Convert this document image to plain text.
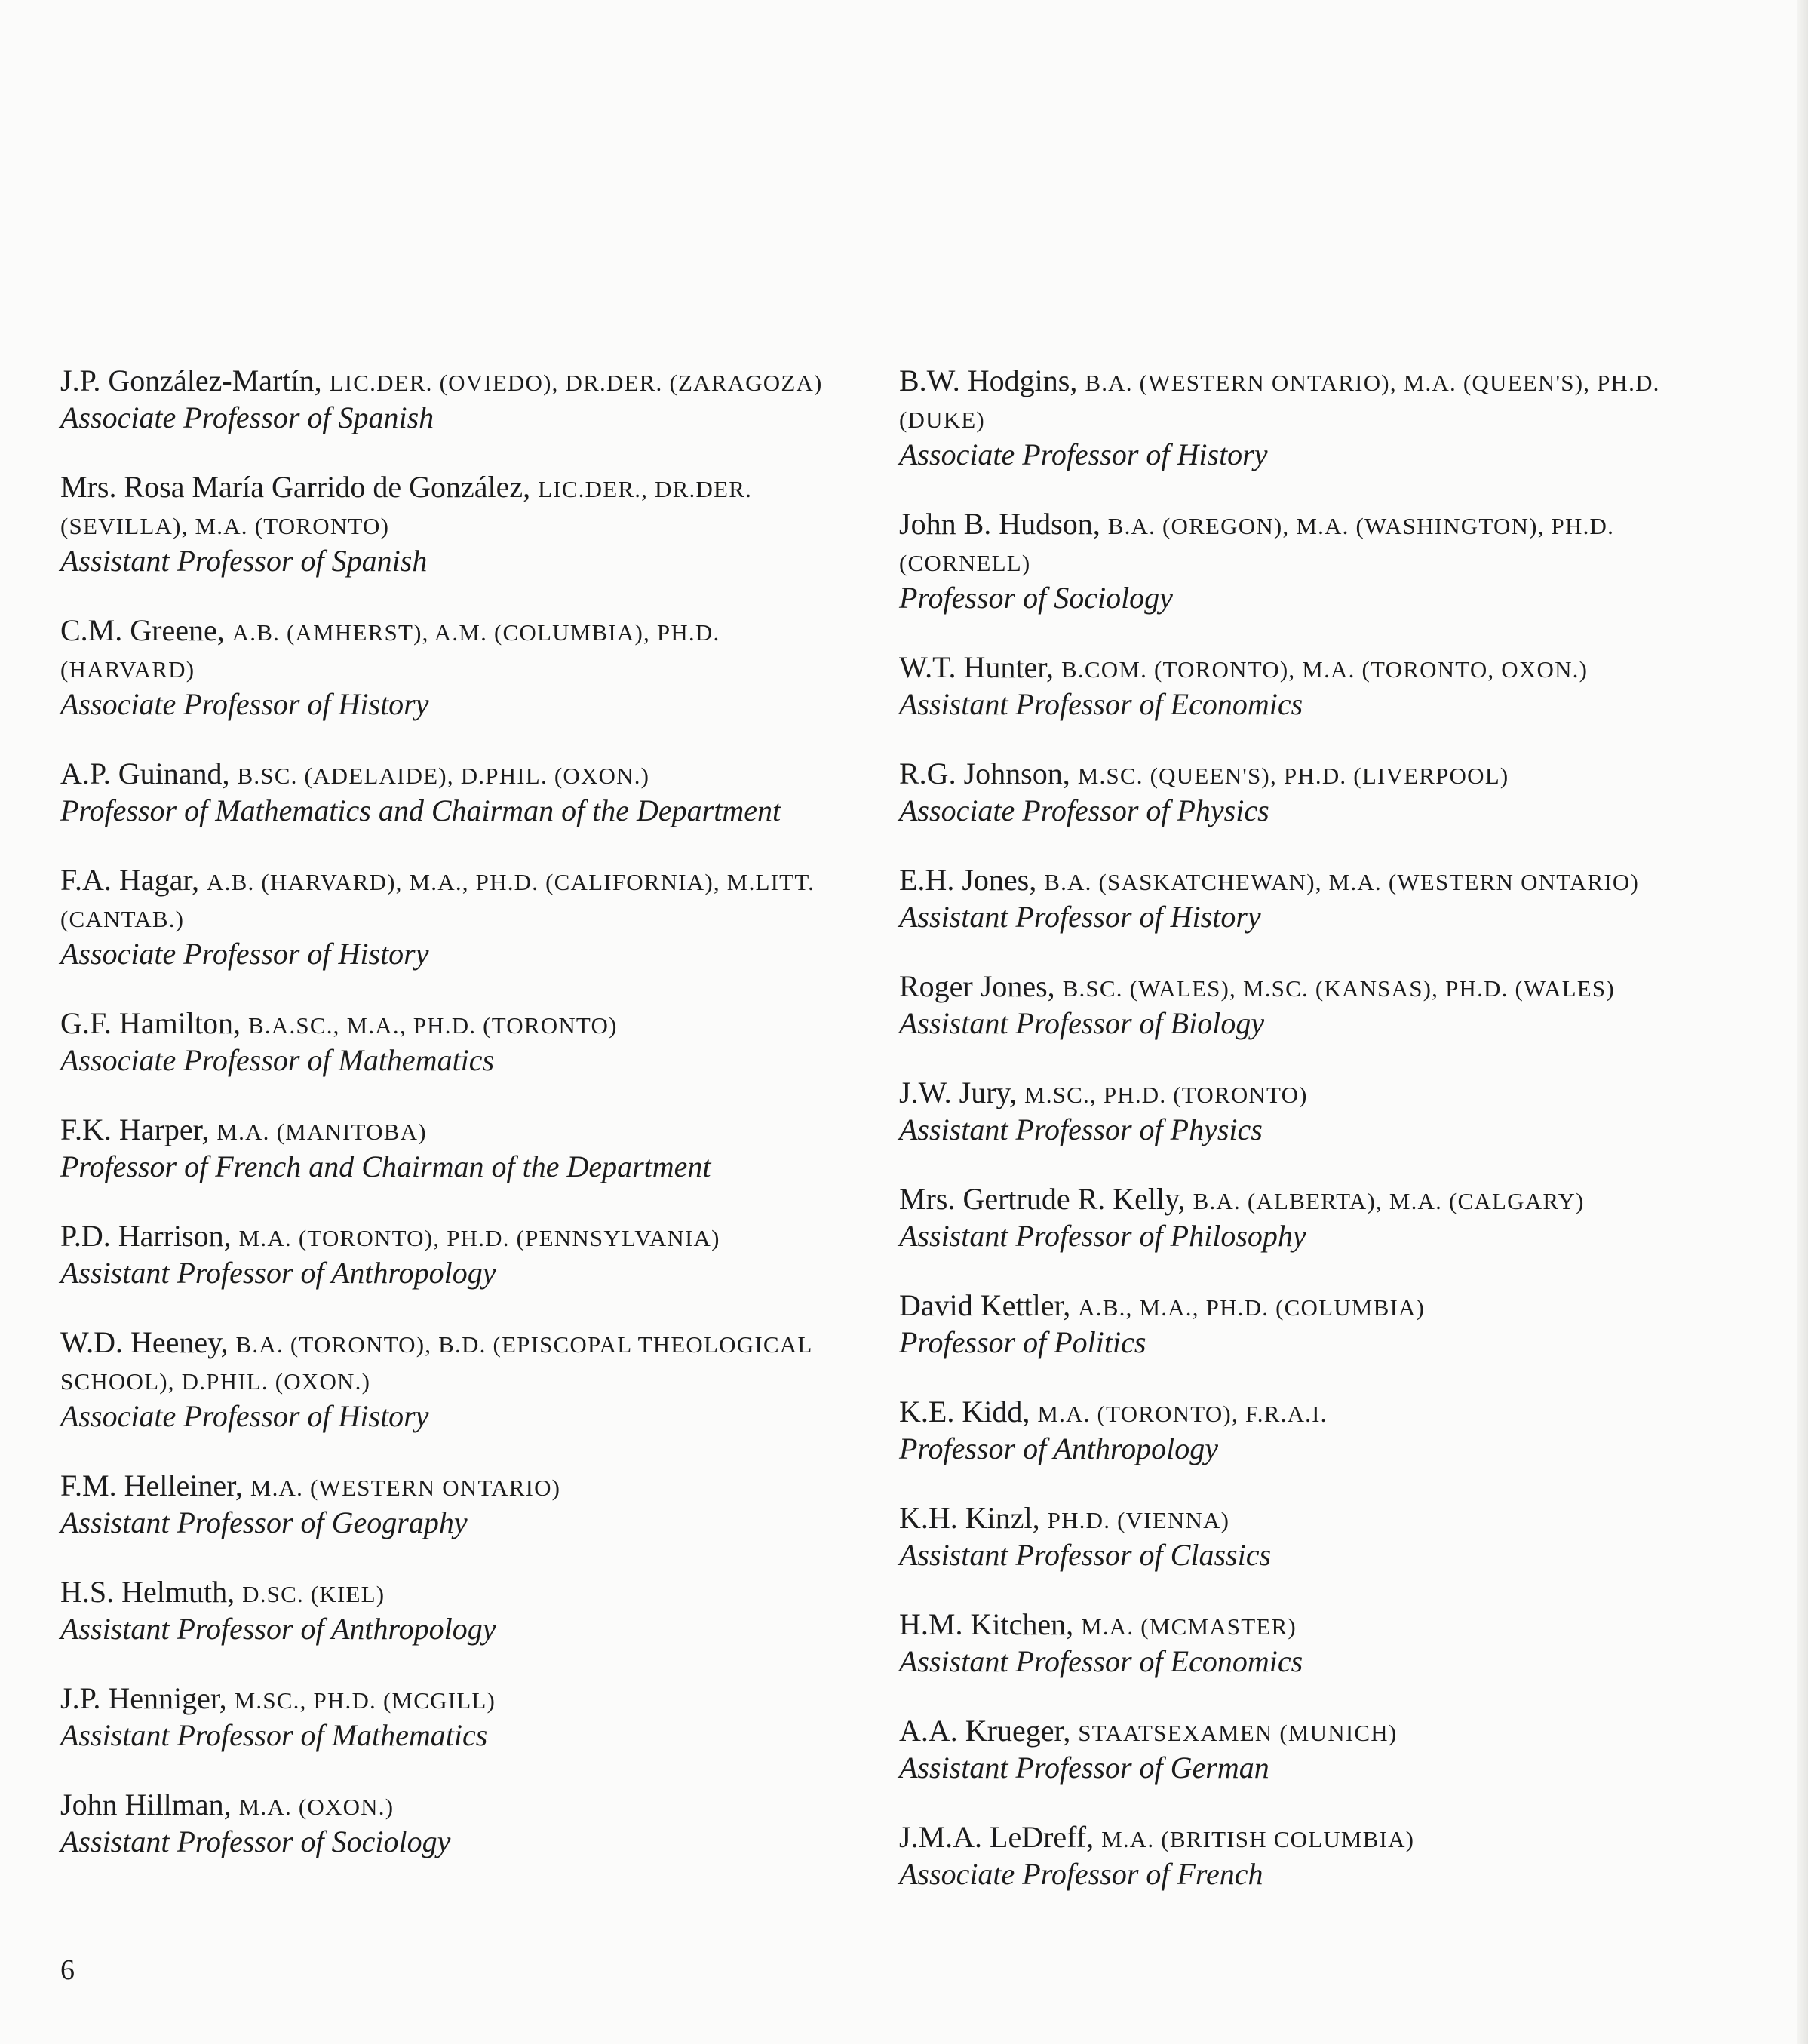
J.P. González-Martín, LIC.DER. (OVIEDO), DR.DER. (ZARAGOZA)
Associate Professor of Spanish
Mrs. Rosa María Garrido de González, LIC.DER., DR.DER. (SEVILLA), M.A. (TORONTO)
Assistant Professor of Spanish
C.M. Greene, A.B. (AMHERST), A.M. (COLUMBIA), PH.D. (HARVARD)
Associate Professor of History
A.P. Guinand, B.SC. (ADELAIDE), D.PHIL. (OXON.)
Professor of Mathematics and Chairman of the Department
F.A. Hagar, A.B. (HARVARD), M.A., PH.D. (CALIFORNIA), M.LITT. (CANTAB.)
Associate Professor of History
G.F. Hamilton, B.A.SC., M.A., PH.D. (TORONTO)
Associate Professor of Mathematics
F.K. Harper, M.A. (MANITOBA)
Professor of French and Chairman of the Department
P.D. Harrison, M.A. (TORONTO), PH.D. (PENNSYLVANIA)
Assistant Professor of Anthropology
W.D. Heeney, B.A. (TORONTO), B.D. (EPISCOPAL THEOLOGICAL SCHOOL), D.PHIL. (OXON.)
Associate Professor of History
F.M. Helleiner, M.A. (WESTERN ONTARIO)
Assistant Professor of Geography
H.S. Helmuth, D.SC. (KIEL)
Assistant Professor of Anthropology
J.P. Henniger, M.SC., PH.D. (MCGILL)
Assistant Professor of Mathematics
John Hillman, M.A. (OXON.)
Assistant Professor of Sociology
B.W. Hodgins, B.A. (WESTERN ONTARIO), M.A. (QUEEN'S), PH.D. (DUKE)
Associate Professor of History
John B. Hudson, B.A. (OREGON), M.A. (WASHINGTON), PH.D. (CORNELL)
Professor of Sociology
W.T. Hunter, B.COM. (TORONTO), M.A. (TORONTO, OXON.)
Assistant Professor of Economics
R.G. Johnson, M.SC. (QUEEN'S), PH.D. (LIVERPOOL)
Associate Professor of Physics
E.H. Jones, B.A. (SASKATCHEWAN), M.A. (WESTERN ONTARIO)
Assistant Professor of History
Roger Jones, B.SC. (WALES), M.SC. (KANSAS), PH.D. (WALES)
Assistant Professor of Biology
J.W. Jury, M.SC., PH.D. (TORONTO)
Assistant Professor of Physics
Mrs. Gertrude R. Kelly, B.A. (ALBERTA), M.A. (CALGARY)
Assistant Professor of Philosophy
David Kettler, A.B., M.A., PH.D. (COLUMBIA)
Professor of Politics
K.E. Kidd, M.A. (TORONTO), F.R.A.I.
Professor of Anthropology
K.H. Kinzl, PH.D. (VIENNA)
Assistant Professor of Classics
H.M. Kitchen, M.A. (MCMASTER)
Assistant Professor of Economics
A.A. Krueger, STAATSEXAMEN (MUNICH)
Assistant Professor of German
J.M.A. LeDreff, M.A. (BRITISH COLUMBIA)
Associate Professor of French
6
